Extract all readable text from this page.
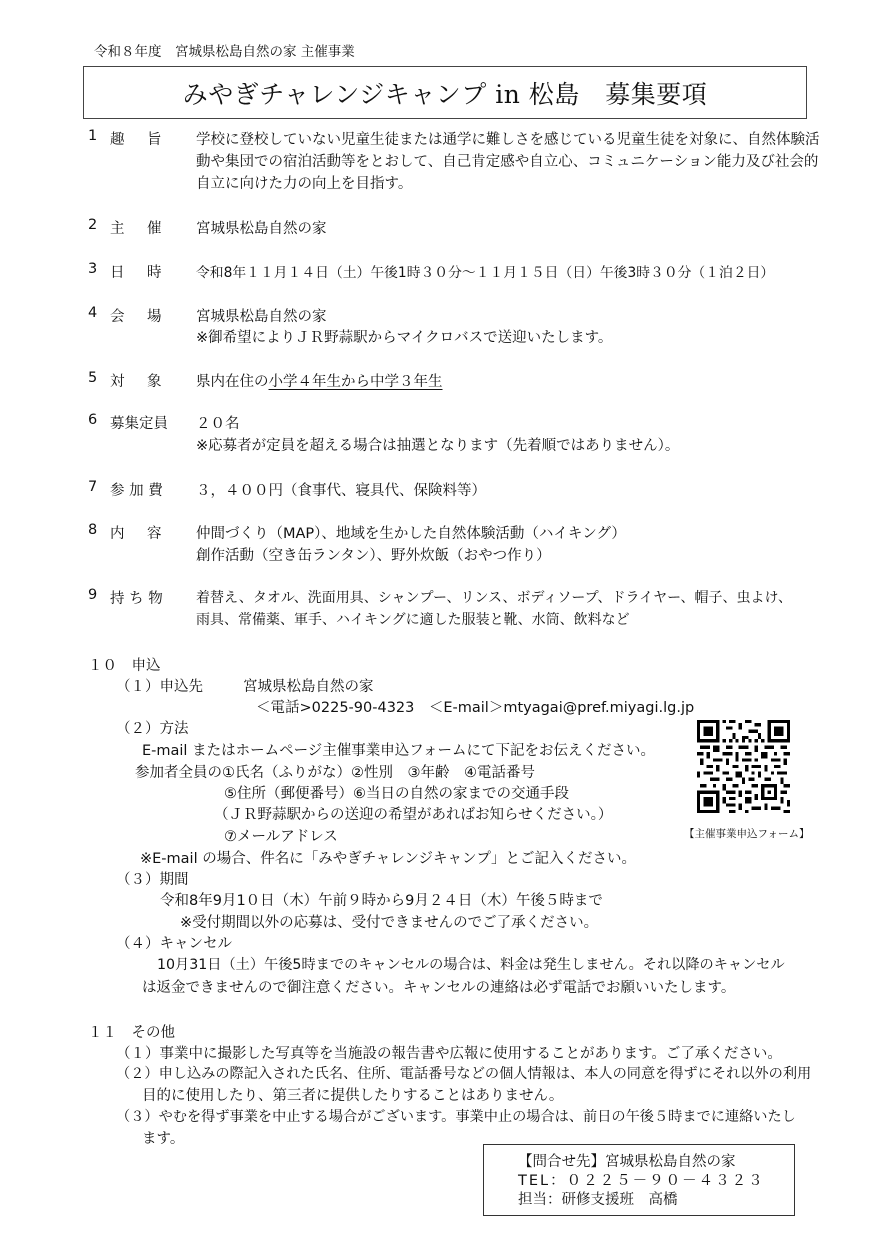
令和８年度　宮城県松島自然の家 主催事業
みやぎチャレンジキャンプ in 松島　募集要項
1 趣　旨 学校に登校していない児童生徒または通学に難しさを感じている児童生徒を対象に、自然体験活
動や集団での宿泊活動等をとおして、自己肯定感や自立心、コミュニケーション能力及び社会的
自立に向けた力の向上を目指す。
2 主　催 宮城県松島自然の家
3 日　時 令和8年１１月１４日（土）午後1時３０分～１１月１５日（日）午後3時３０分（１泊２日）
4 会　場 宮城県松島自然の家
※御希望によりＪＲ野蒜駅からマイクロバスで送迎いたします。
5 対　象 県内在住の小学４年生から中学３年生
6 募集定員 ２０名
※応募者が定員を超える場合は抽選となります（先着順ではありません）。
7 参 加 費 ３，４００円（食事代、寝具代、保険料等）
8 内　容 仲間づくり（MAP）、地域を生かした自然体験活動（ハイキング）
創作活動（空き缶ランタン）、野外炊飯（おやつ作り）
9 持 ち 物 着替え、タオル、洗面用具、シャンプー、リンス、ボディソープ、ドライヤー、帽子、虫よけ、
雨具、常備薬、軍手、ハイキングに適した服装と靴、水筒、飲料など
１０　申込
（１）申込先	宮城県松島自然の家
＜電話>0225-90-4323　＜E-mail＞mtyagai@pref.miyagi.lg.jp
（２）方法
E-mail またはホームページ主催事業申込フォームにて下記をお伝えください。
参加者全員の①氏名（ふりがな）②性別　③年齢　④電話番号
⑤住所（郵便番号）⑥当日の自然の家までの交通手段
（ＪＲ野蒜駅からの送迎の希望があればお知らせください。）
⑦メールアドレス
※E-mail の場合、件名に「みやぎチャレンジキャンプ」とご記入ください。
【主催事業申込フォーム】
（３）期間
令和8年9月1０日（木）午前９時から9月２４日（木）午後５時まで
※受付期間以外の応募は、受付できませんのでご了承ください。
（４）キャンセル
10月31日（土）午後5時までのキャンセルの場合は、料金は発生しません。それ以降のキャンセル
は返金できませんので御注意ください。キャンセルの連絡は必ず電話でお願いいたします。
１１　その他
（１）事業中に撮影した写真等を当施設の報告書や広報に使用することがあります。ご了承ください。
（２）申し込みの際記入された氏名、住所、電話番号などの個人情報は、本人の同意を得ずにそれ以外の利用
目的に使用したり、第三者に提供したりすることはありません。
（３）やむを得ず事業を中止する場合がございます。事業中止の場合は、前日の午後５時までに連絡いたし
ます。
【問合せ先】宮城県松島自然の家
TEL：０２２５－９０－４３２３
担当：研修支援班　高橋
